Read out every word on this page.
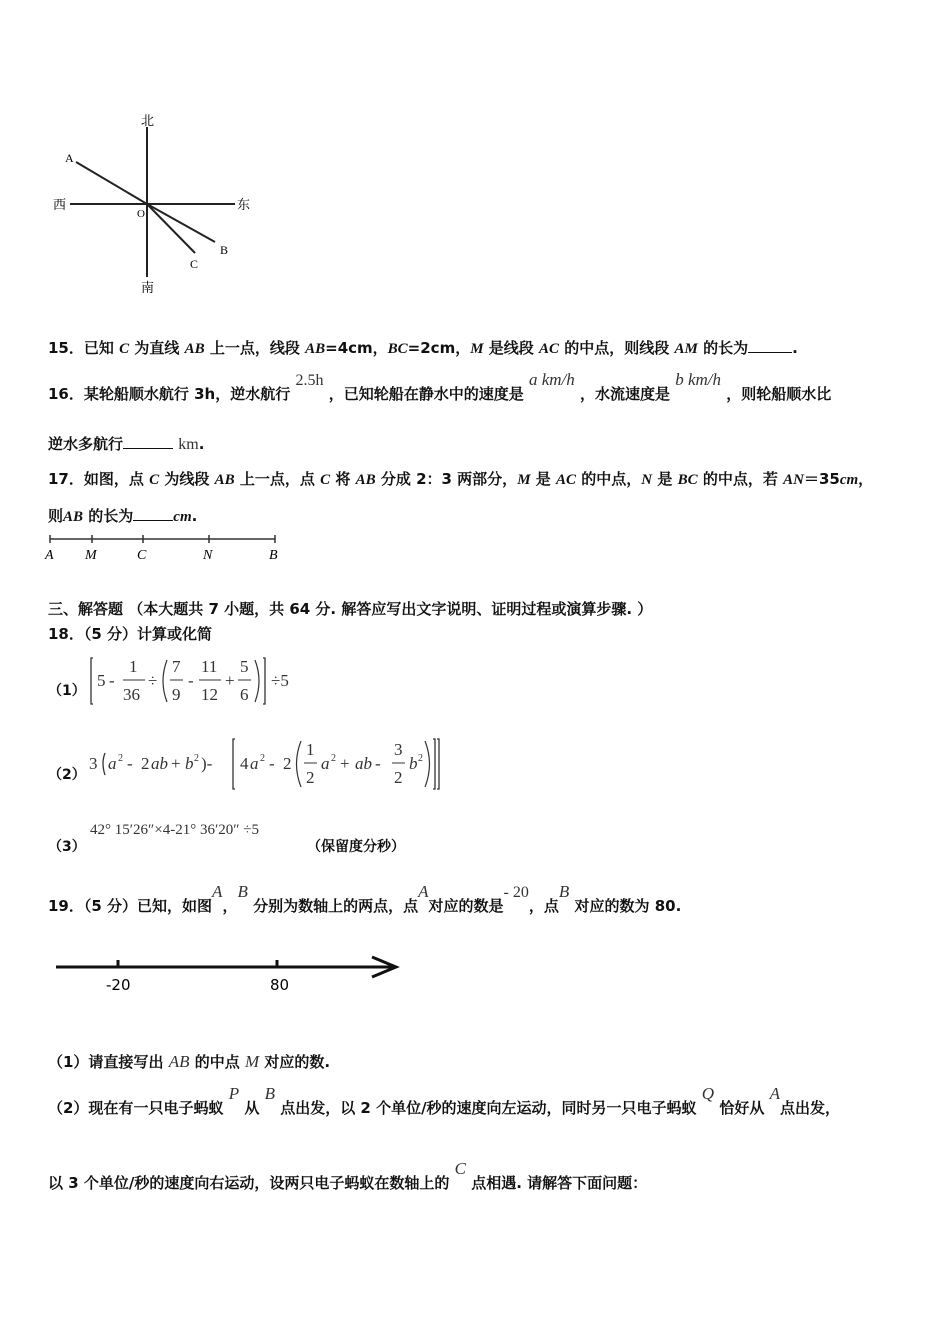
北
南
东
西
A
B
C
O
15．已知 C 为直线 AB 上一点，线段 AB=4cm，BC=2cm，M 是线段 AC 的中点，则线段 AM 的长为	.
16．某轮船顺水航行 3h，逆水航行 2.5h ，已知轮船在静水中的速度是 a km/h ，水流速度是 b km/h ，则轮船顺水比
逆水多航行	km.
17．如图，点 C 为线段 AB 上一点，点 C 将 AB 分成 2：3 两部分，M 是 AC 的中点，N 是 BC 的中点，若 AN＝35cm，
则AB 的长为	cm.
A M	C	N	B
三、解答题 （本大题共 7 小题，共 64 分. 解答应写出文字说明、证明过程或演算步骤. ）
18．（5 分）计算或化简
（1）
5 -
1
36
÷
7
9
-
11
12
+
5
6
÷5
（2）
3 a 2 - 2 ab + b 2 )- 4 a 2 - 2
1
2
a 2 + ab -
3
2
b 2
（3）
42° 15′26″×4-21° 36′20″ ÷5
（保留度分秒）
19．（5 分）已知，如图A，B 分别为数轴上的两点，点A对应的数是- 20，点B 对应的数为 80.
-20	80
（1）请直接写出 AB 的中点 M 对应的数.
（2）现在有一只电子蚂蚁 P 从 B 点出发，以 2 个单位/秒的速度向左运动，同时另一只电子蚂蚁 Q 恰好从 A点出发，
以 3 个单位/秒的速度向右运动，设两只电子蚂蚁在数轴上的 C 点相遇. 请解答下面问题：
